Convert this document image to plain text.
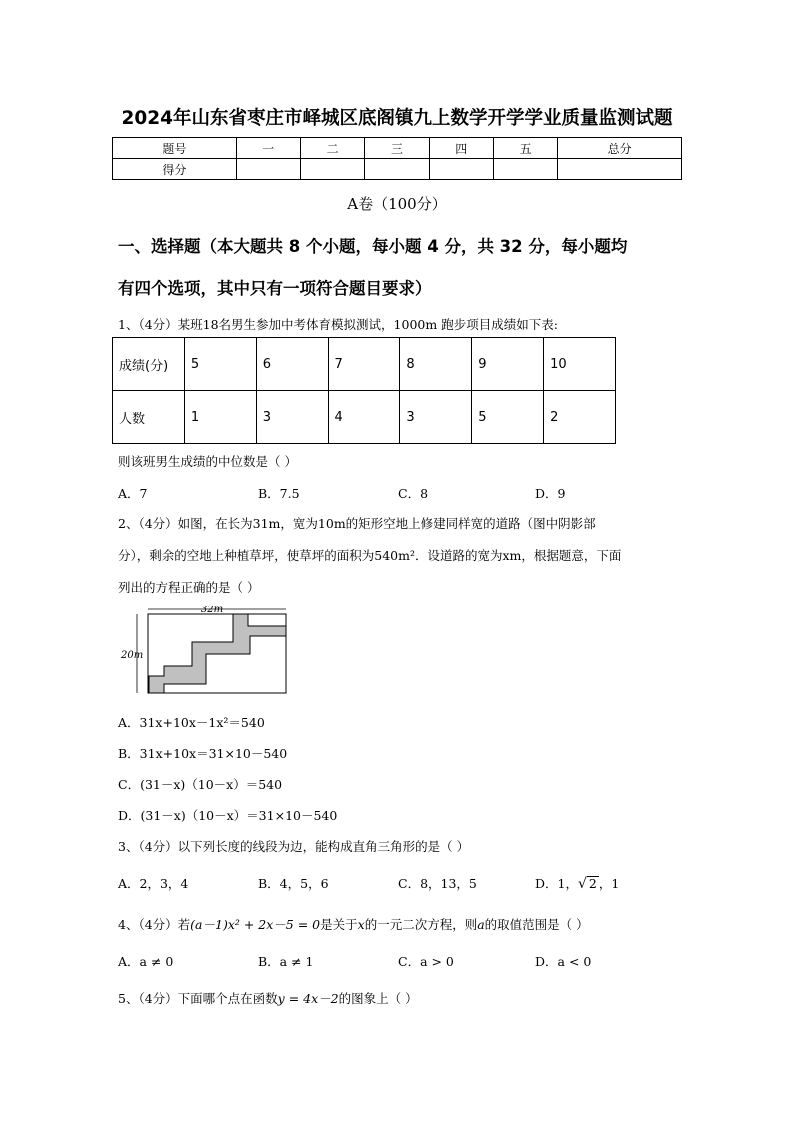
2024年山东省枣庄市峄城区底阁镇九上数学开学学业质量监测试题
题号	一	二	三	四	五	总分
得分						
A卷（100分）
一、选择题（本大题共 8 个小题，每小题 4 分，共 32 分，每小题均
有四个选项，其中只有一项符合题目要求）
1、（4分）某班18名男生参加中考体育模拟测试，1000m 跑步项目成绩如下表:
成绩(分)	5	6	7	8	9	10
人数	1	3	4	3	5	2
则该班男生成绩的中位数是（ ）
A．7	B．7.5	C．8	D．9
2、（4分）如图，在长为31m，宽为10m的矩形空地上修建同样宽的道路（图中阴影部
分），剩余的空地上种植草坪，使草坪的面积为540m²．设道路的宽为xm，根据题意，下面
列出的方程正确的是（ ）
32m
20m
A．31x+10x－1x²＝540
B．31x+10x＝31×10－540
C．(31－x)（10－x）＝540
D．(31－x)（10－x）＝31×10－540
3、（4分）以下列长度的线段为边，能构成直角三角形的是（ ）
A．2，3，4	B．4，5，6	C．8，13，5	D．1，√ 2 ，1
4、（4分）若(a－1)x² + 2x－5 = 0是关于x的一元二次方程，则a的取值范围是（ ）
A．a ≠ 0	B．a ≠ 1	C．a > 0	D．a < 0
5、（4分）下面哪个点在函数y = 4x－2的图象上（ ）
